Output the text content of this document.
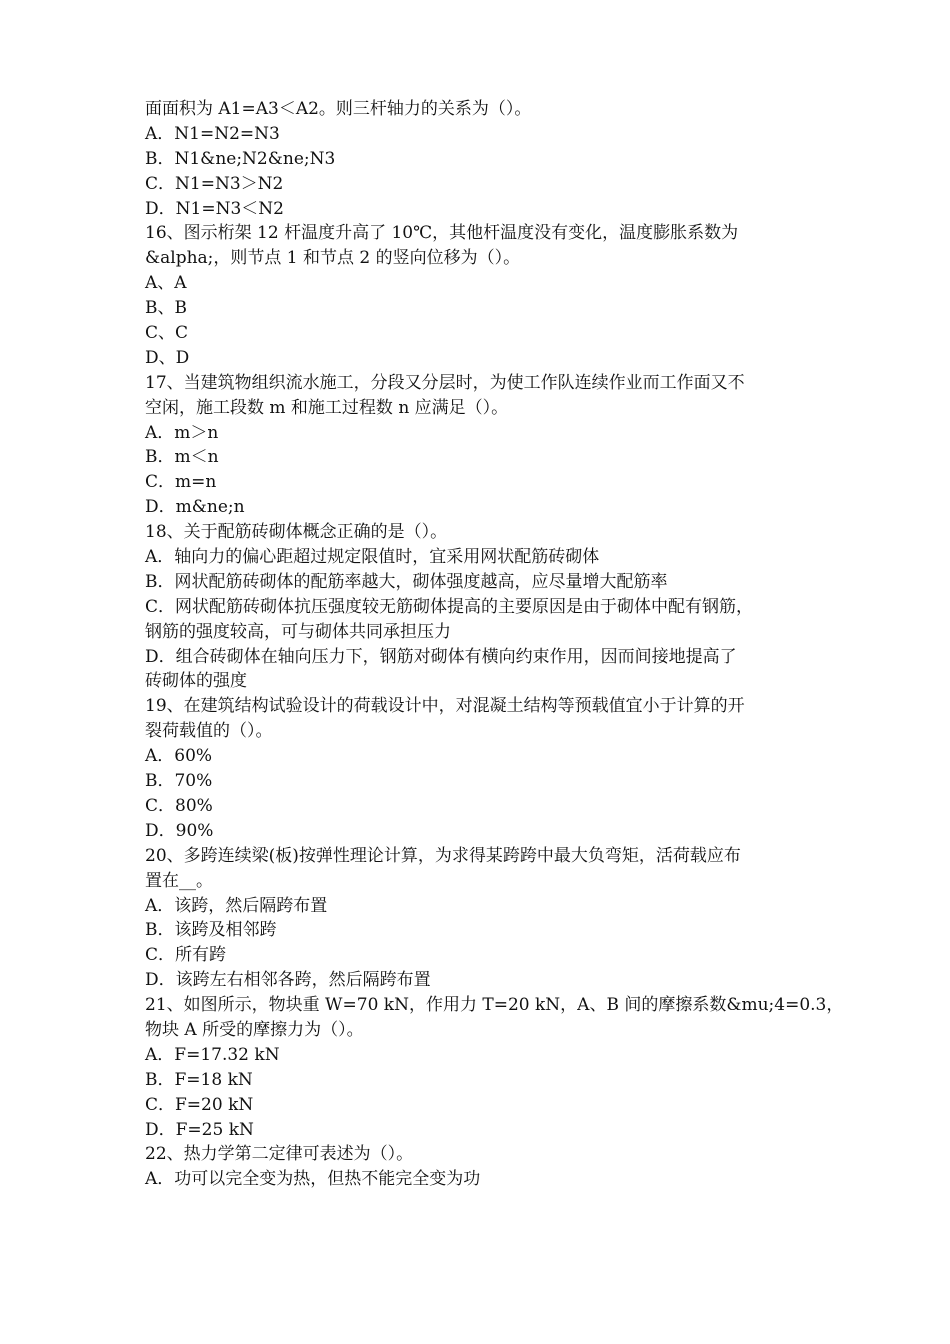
面面积为 A1=A3＜A2。则三杆轴力的关系为（）。
A．N1=N2=N3
B．N1&ne;N2&ne;N3
C．N1=N3＞N2
D．N1=N3＜N2
16、图示桁架 12 杆温度升高了 10℃，其他杆温度没有变化，温度膨胀系数为
&alpha;，则节点 1 和节点 2 的竖向位移为（）。
A、A
B、B
C、C
D、D
17、当建筑物组织流水施工，分段又分层时，为使工作队连续作业而工作面又不
空闲，施工段数 m 和施工过程数 n 应满足（）。
A．m＞n
B．m＜n
C．m=n
D．m&ne;n
18、关于配筋砖砌体概念正确的是（）。
A．轴向力的偏心距超过规定限值时，宜采用网状配筋砖砌体
B．网状配筋砖砌体的配筋率越大，砌体强度越高，应尽量增大配筋率
C．网状配筋砖砌体抗压强度较无筋砌体提高的主要原因是由于砌体中配有钢筋，
钢筋的强度较高，可与砌体共同承担压力
D．组合砖砌体在轴向压力下，钢筋对砌体有横向约束作用，因而间接地提高了
砖砌体的强度
19、在建筑结构试验设计的荷载设计中，对混凝土结构等预载值宜小于计算的开
裂荷载值的（）。
A．60%
B．70%
C．80%
D．90%
20、多跨连续梁(板)按弹性理论计算，为求得某跨跨中最大负弯矩，活荷载应布
置在__。
A．该跨，然后隔跨布置
B．该跨及相邻跨
C．所有跨
D．该跨左右相邻各跨，然后隔跨布置
21、如图所示，物块重 W=70 kN，作用力 T=20 kN，A、B 间的摩擦系数&mu;4=0.3，
物块 A 所受的摩擦力为（）。
A．F=17.32 kN
B．F=18 kN
C．F=20 kN
D．F=25 kN
22、热力学第二定律可表述为（）。
A．功可以完全变为热，但热不能完全变为功
